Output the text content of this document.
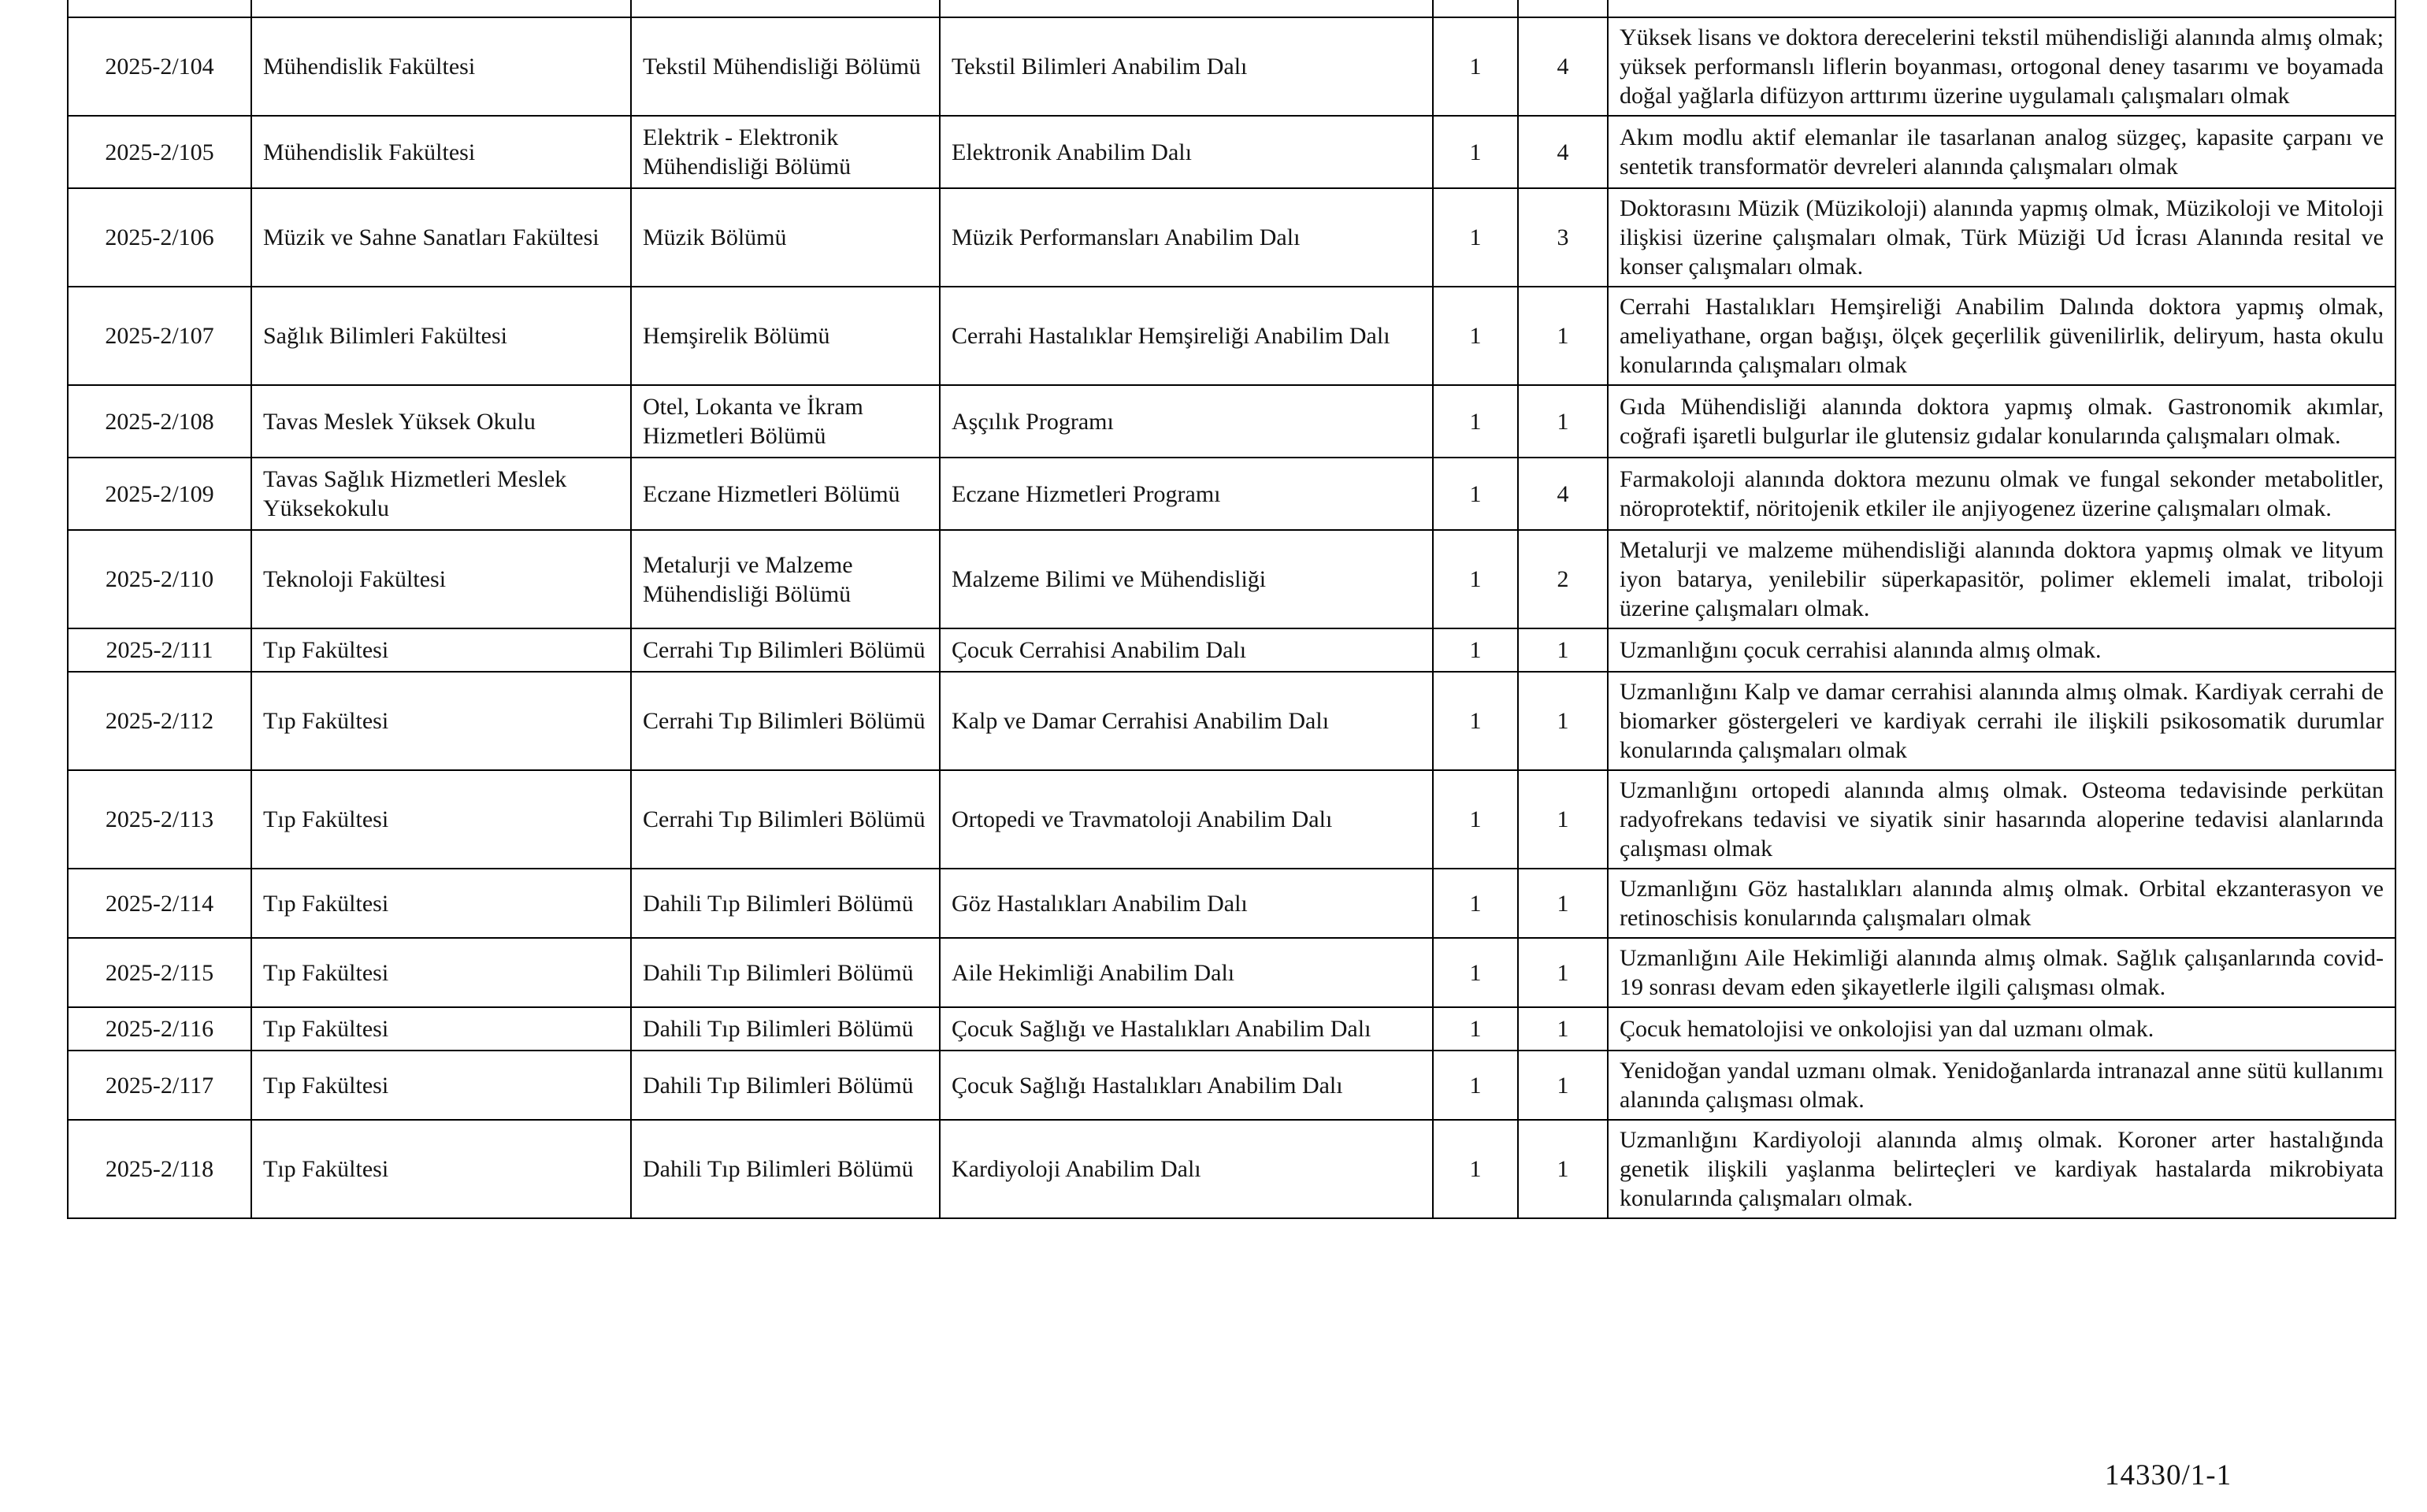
2025-2/104	Mühendislik Fakültesi	Tekstil Mühendisliği Bölümü	Tekstil Bilimleri Anabilim Dalı	1	4	Yüksek lisans ve doktora derecelerini tekstil mühendisliği alanında almış olmak; yüksek performanslı liflerin boyanması, ortogonal deney tasarımı ve boyamada doğal yağlarla difüzyon arttırımı üzerine uygulamalı çalışmaları olmak
2025-2/105	Mühendislik Fakültesi	Elektrik - Elektronik Mühendisliği Bölümü	Elektronik Anabilim Dalı	1	4	Akım modlu aktif elemanlar ile tasarlanan analog süzgeç, kapasite çarpanı ve sentetik transformatör devreleri alanında çalışmaları olmak
2025-2/106	Müzik ve Sahne Sanatları Fakültesi	Müzik Bölümü	Müzik Performansları Anabilim Dalı	1	3	Doktorasını Müzik (Müzikoloji) alanında yapmış olmak, Müzikoloji ve Mitoloji ilişkisi üzerine çalışmaları olmak, Türk Müziği Ud İcrası Alanında resital ve konser çalışmaları olmak.
2025-2/107	Sağlık Bilimleri Fakültesi	Hemşirelik Bölümü	Cerrahi Hastalıklar Hemşireliği Anabilim Dalı	1	1	Cerrahi Hastalıkları Hemşireliği Anabilim Dalında doktora yapmış olmak, ameliyathane, organ bağışı, ölçek geçerlilik güvenilirlik, deliryum, hasta okulu konularında çalışmaları olmak
2025-2/108	Tavas Meslek Yüksek Okulu	Otel, Lokanta ve İkram Hizmetleri Bölümü	Aşçılık Programı	1	1	Gıda Mühendisliği alanında doktora yapmış olmak. Gastronomik akımlar, coğrafi işaretli bulgurlar ile glutensiz gıdalar konularında çalışmaları olmak.
2025-2/109	Tavas Sağlık Hizmetleri Meslek Yüksekokulu	Eczane Hizmetleri Bölümü	Eczane Hizmetleri Programı	1	4	Farmakoloji alanında doktora mezunu olmak ve fungal sekonder metabolitler, nöroprotektif, nöritojenik etkiler ile anjiyogenez üzerine çalışmaları olmak.
2025-2/110	Teknoloji Fakültesi	Metalurji ve Malzeme Mühendisliği Bölümü	Malzeme Bilimi ve Mühendisliği	1	2	Metalurji ve malzeme mühendisliği alanında doktora yapmış olmak ve lityum iyon batarya, yenilebilir süperkapasitör, polimer eklemeli imalat, triboloji üzerine çalışmaları olmak.
2025-2/111	Tıp Fakültesi	Cerrahi Tıp Bilimleri Bölümü	Çocuk Cerrahisi Anabilim Dalı	1	1	Uzmanlığını çocuk cerrahisi alanında almış olmak.
2025-2/112	Tıp Fakültesi	Cerrahi Tıp Bilimleri Bölümü	Kalp ve Damar Cerrahisi Anabilim Dalı	1	1	Uzmanlığını Kalp ve damar cerrahisi alanında almış olmak. Kardiyak cerrahi de biomarker göstergeleri ve kardiyak cerrahi ile ilişkili psikosomatik durumlar konularında çalışmaları olmak
2025-2/113	Tıp Fakültesi	Cerrahi Tıp Bilimleri Bölümü	Ortopedi ve Travmatoloji Anabilim Dalı	1	1	Uzmanlığını ortopedi alanında almış olmak. Osteoma tedavisinde perkütan radyofrekans tedavisi ve siyatik sinir hasarında aloperine tedavisi alanlarında çalışması olmak
2025-2/114	Tıp Fakültesi	Dahili Tıp Bilimleri Bölümü	Göz Hastalıkları Anabilim Dalı	1	1	Uzmanlığını Göz hastalıkları alanında almış olmak. Orbital ekzanterasyon ve retinoschisis konularında çalışmaları olmak
2025-2/115	Tıp Fakültesi	Dahili Tıp Bilimleri Bölümü	Aile Hekimliği Anabilim Dalı	1	1	Uzmanlığını Aile Hekimliği alanında almış olmak. Sağlık çalışanlarında covid-19 sonrası devam eden şikayetlerle ilgili çalışması olmak.
2025-2/116	Tıp Fakültesi	Dahili Tıp Bilimleri Bölümü	Çocuk Sağlığı ve Hastalıkları Anabilim Dalı	1	1	Çocuk hematolojisi ve onkolojisi yan dal uzmanı olmak.
2025-2/117	Tıp Fakültesi	Dahili Tıp Bilimleri Bölümü	Çocuk Sağlığı Hastalıkları Anabilim Dalı	1	1	Yenidoğan yandal uzmanı olmak. Yenidoğanlarda intranazal anne sütü kullanımı alanında çalışması olmak.
2025-2/118	Tıp Fakültesi	Dahili Tıp Bilimleri Bölümü	Kardiyoloji Anabilim Dalı	1	1	Uzmanlığını Kardiyoloji alanında almış olmak. Koroner arter hastalığında genetik ilişkili yaşlanma belirteçleri ve kardiyak hastalarda mikrobiyata konularında çalışmaları olmak.
14330/1-1
